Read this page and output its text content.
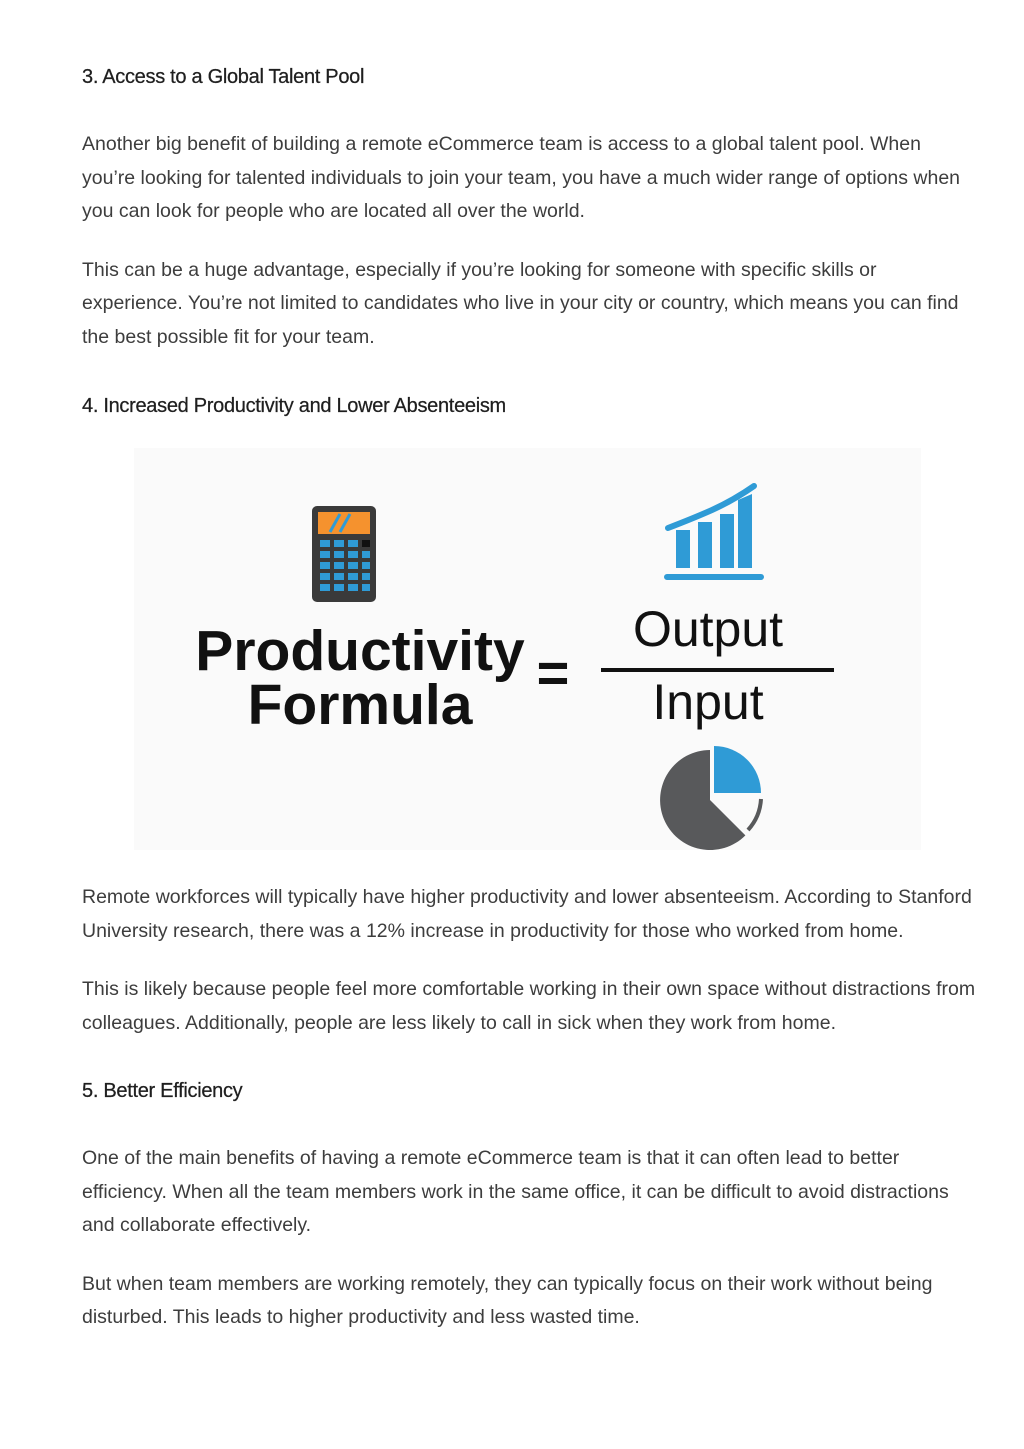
3. Access to a Global Talent Pool

Another big benefit of building a remote eCommerce team is access to a global talent pool. When you’re looking for talented individuals to join your team, you have a much wider range of options when you can look for people who are located all over the world.

This can be a huge advantage, especially if you’re looking for someone with specific skills or experience. You’re not limited to candidates who live in your city or country, which means you can find the best possible fit for your team.

4. Increased Productivity and Lower Absenteeism
Productivity
Formula
=
Output
Input

Remote workforces will typically have higher productivity and lower absenteeism. According to Stanford University research, there was a 12% increase in productivity for those who worked from home.

This is likely because people feel more comfortable working in their own space without distractions from colleagues. Additionally, people are less likely to call in sick when they work from home.

5. Better Efficiency

One of the main benefits of having a remote eCommerce team is that it can often lead to better efficiency. When all the team members work in the same office, it can be difficult to avoid distractions and collaborate effectively.

But when team members are working remotely, they can typically focus on their work without being disturbed. This leads to higher productivity and less wasted time.
